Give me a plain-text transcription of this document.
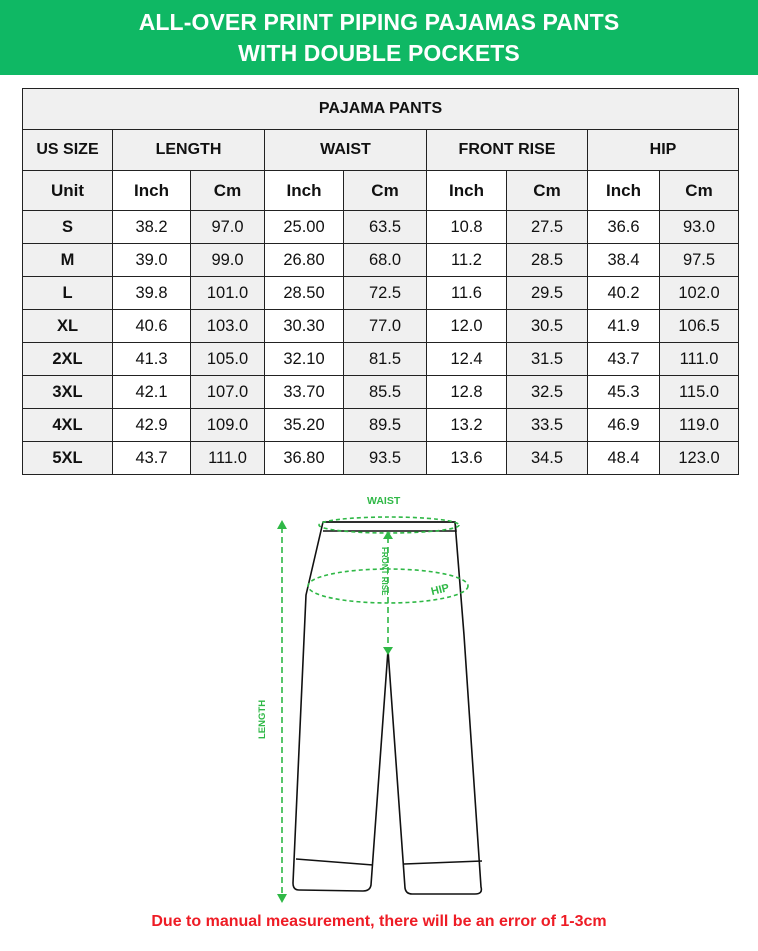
ALL-OVER PRINT PIPING PAJAMAS PANTS
WITH DOUBLE POCKETS
PAJAMA PANTS								
US SIZE	LENGTH		WAIST		FRONT RISE		HIP	
Unit	Inch	Cm	Inch	Cm	Inch	Cm	Inch	Cm
S	38.2	97.0	25.00	63.5	10.8	27.5	36.6	93.0
M	39.0	99.0	26.80	68.0	11.2	28.5	38.4	97.5
L	39.8	101.0	28.50	72.5	11.6	29.5	40.2	102.0
XL	40.6	103.0	30.30	77.0	12.0	30.5	41.9	106.5
2XL	41.3	105.0	32.10	81.5	12.4	31.5	43.7	111.0
3XL	42.1	107.0	33.70	85.5	12.8	32.5	45.3	115.0
4XL	42.9	109.0	35.20	89.5	13.2	33.5	46.9	119.0
5XL	43.7	111.0	36.80	93.5	13.6	34.5	48.4	123.0
WAIST
FRONT RISE	HIP
LENGTH
Due to manual measurement, there will be an error of 1-3cm
